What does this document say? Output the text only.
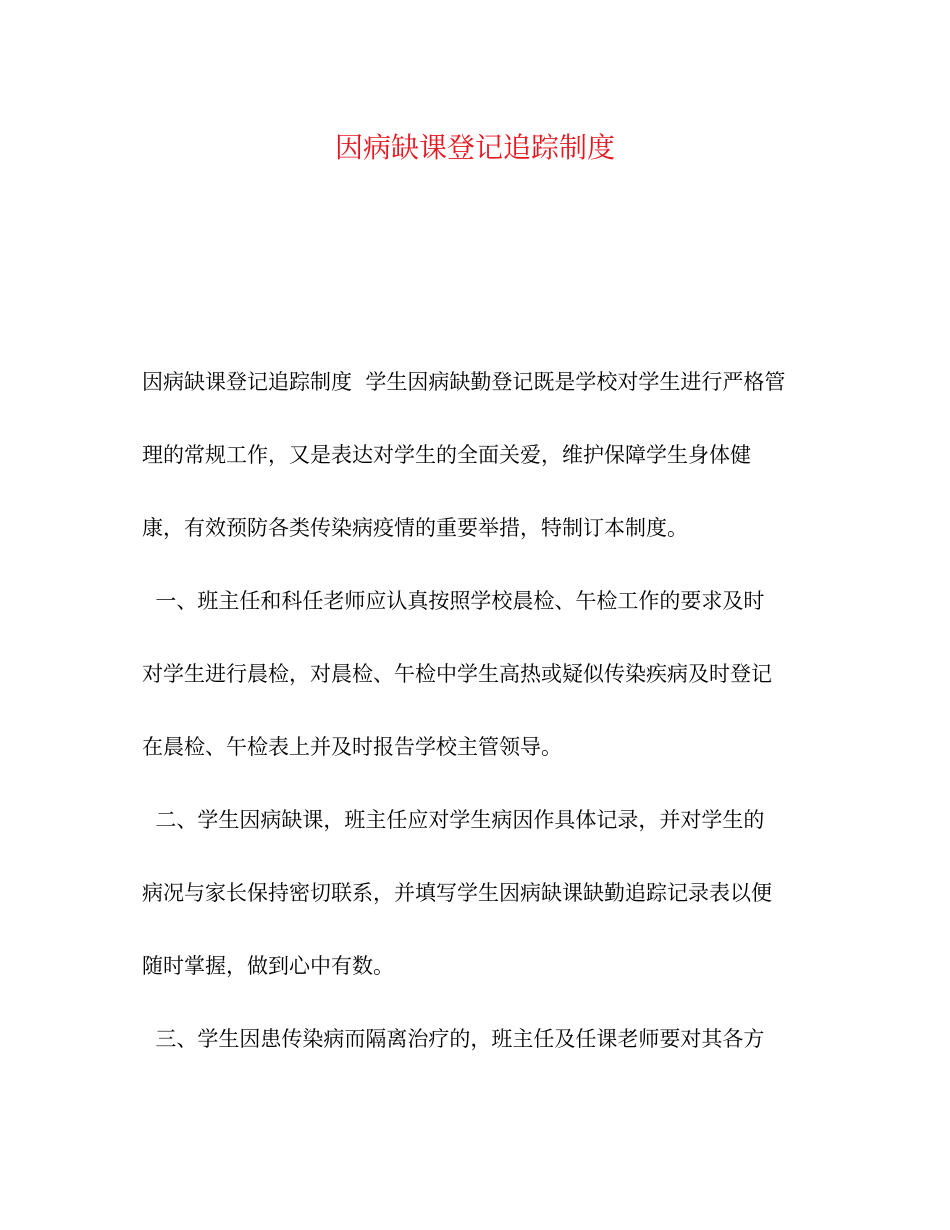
因病缺课登记追踪制度

因病缺课登记追踪制度  学生因病缺勤登记既是学校对学生进行严格管

理的常规工作，又是表达对学生的全面关爱，维护保障学生身体健

康，有效预防各类传染病疫情的重要举措，特制订本制度。

一、班主任和科任老师应认真按照学校晨检、午检工作的要求及时

对学生进行晨检，对晨检、午检中学生高热或疑似传染疾病及时登记

在晨检、午检表上并及时报告学校主管领导。

二、学生因病缺课，班主任应对学生病因作具体记录，并对学生的

病况与家长保持密切联系，并填写学生因病缺课缺勤追踪记录表以便

随时掌握，做到心中有数。

三、学生因患传染病而隔离治疗的，班主任及任课老师要对其各方
